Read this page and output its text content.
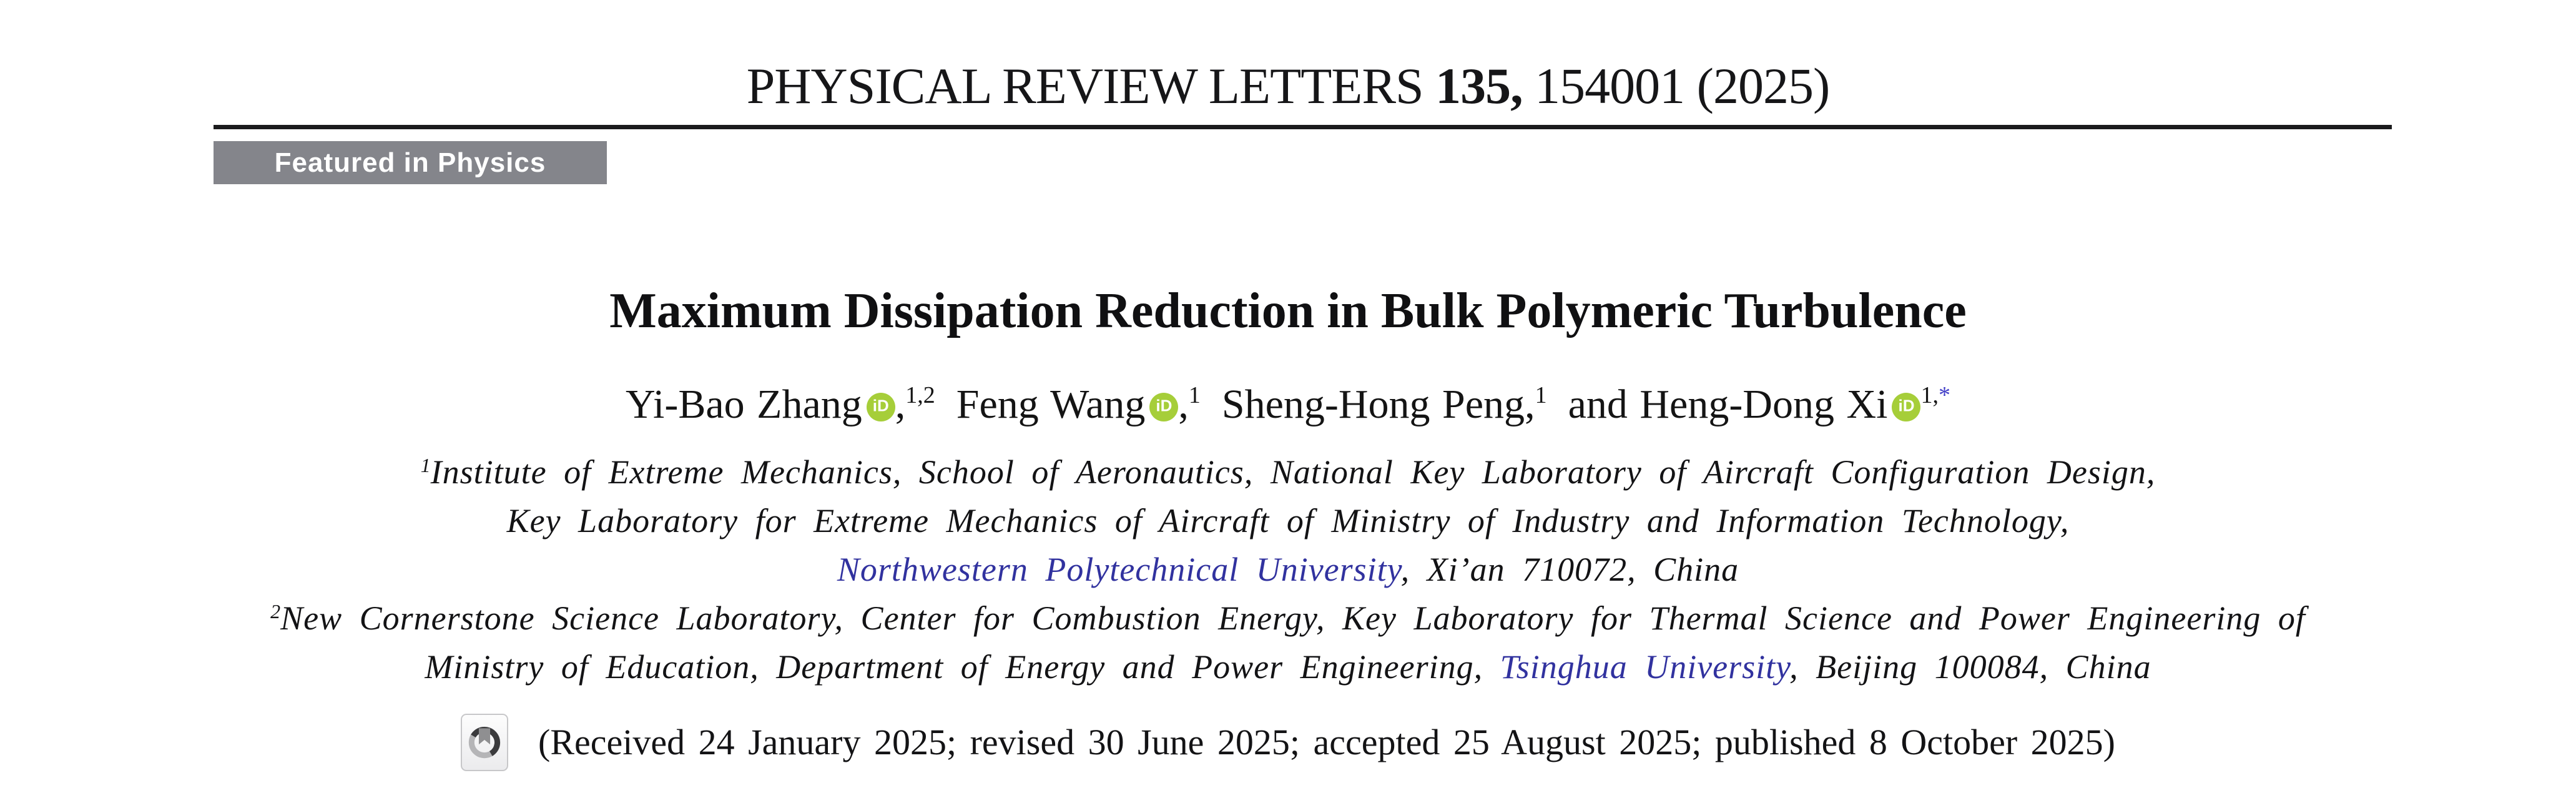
PHYSICAL REVIEW LETTERS 135, 154001 (2025)
Featured in Physics
Maximum Dissipation Reduction in Bulk Polymeric Turbulence
Yi-Bao Zhang iD ,$^{1,2}$ Feng Wang iD ,$^1$ Sheng-Hong Peng,$^1$ and Heng-Dong Xi iD $^{1,*}$
$^1$Institute of Extreme Mechanics, School of Aeronautics, National Key Laboratory of Aircraft Configuration Design,
Key Laboratory for Extreme Mechanics of Aircraft of Ministry of Industry and Information Technology,
Northwestern Polytechnical University, Xi’an 710072, China
$^2$New Cornerstone Science Laboratory, Center for Combustion Energy, Key Laboratory for Thermal Science and Power Engineering of
Ministry of Education, Department of Energy and Power Engineering, Tsinghua University, Beijing 100084, China
(Received 24 January 2025; revised 30 June 2025; accepted 25 August 2025; published 8 October 2025)
